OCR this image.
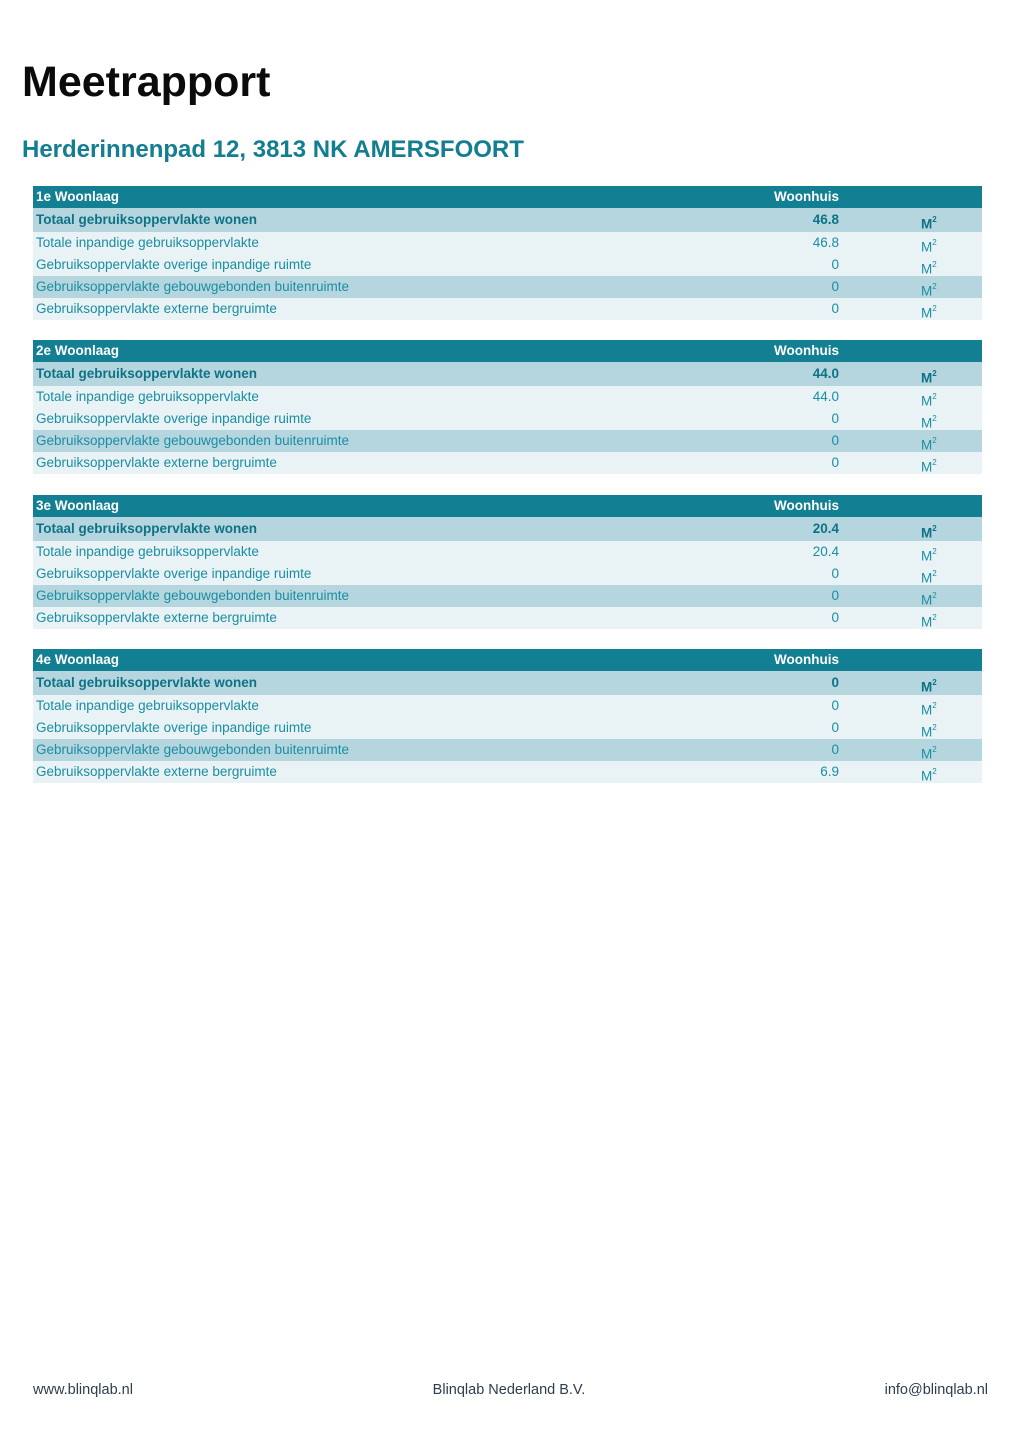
Meetrapport
Herderinnenpad 12, 3813 NK AMERSFOORT
1e Woonlaag	Woonhuis
Totaal gebruiksoppervlakte wonen	46.8	$M^2$
Totale inpandige gebruiksoppervlakte	46.8	$M^2$
Gebruiksoppervlakte overige inpandige ruimte	0	$M^2$
Gebruiksoppervlakte gebouwgebonden buitenruimte	0	$M^2$
Gebruiksoppervlakte externe bergruimte	0	$M^2$
2e Woonlaag	Woonhuis
Totaal gebruiksoppervlakte wonen	44.0	$M^2$
Totale inpandige gebruiksoppervlakte	44.0	$M^2$
Gebruiksoppervlakte overige inpandige ruimte	0	$M^2$
Gebruiksoppervlakte gebouwgebonden buitenruimte	0	$M^2$
Gebruiksoppervlakte externe bergruimte	0	$M^2$
3e Woonlaag	Woonhuis
Totaal gebruiksoppervlakte wonen	20.4	$M^2$
Totale inpandige gebruiksoppervlakte	20.4	$M^2$
Gebruiksoppervlakte overige inpandige ruimte	0	$M^2$
Gebruiksoppervlakte gebouwgebonden buitenruimte	0	$M^2$
Gebruiksoppervlakte externe bergruimte	0	$M^2$
4e Woonlaag	Woonhuis
Totaal gebruiksoppervlakte wonen	0	$M^2$
Totale inpandige gebruiksoppervlakte	0	$M^2$
Gebruiksoppervlakte overige inpandige ruimte	0	$M^2$
Gebruiksoppervlakte gebouwgebonden buitenruimte	0	$M^2$
Gebruiksoppervlakte externe bergruimte	6.9	$M^2$
www.blinqlab.nl	Blinqlab Nederland B.V.	info@blinqlab.nl
